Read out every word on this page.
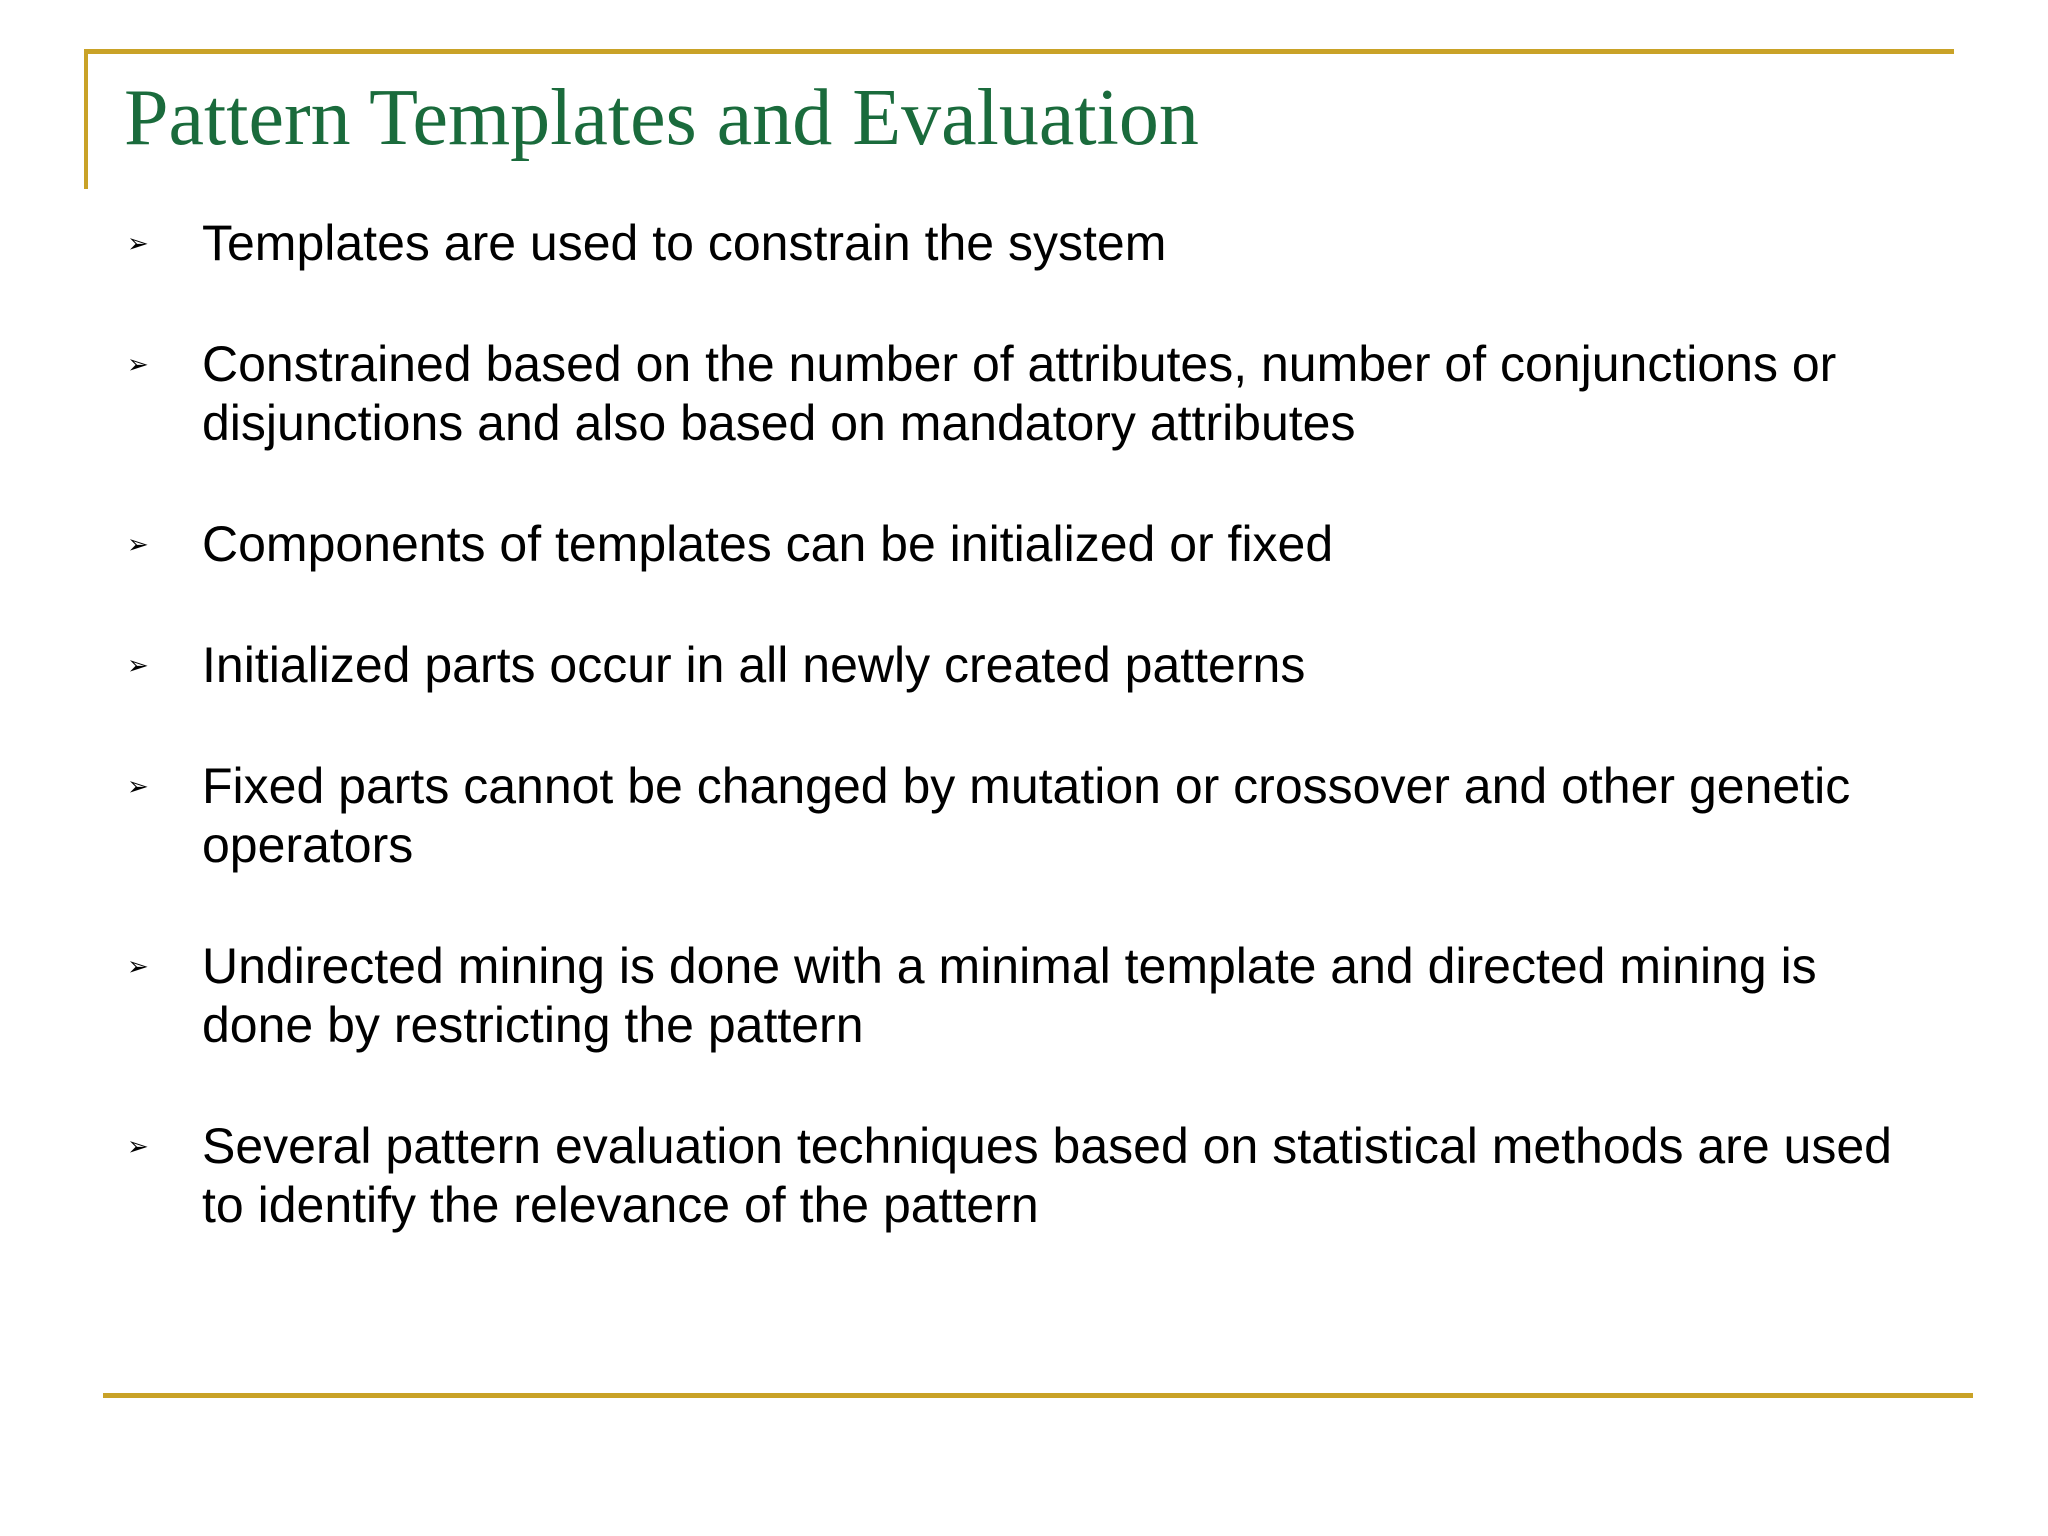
Pattern Templates and Evaluation
➢	Templates are used to constrain the system
➢	Constrained based on the number of attributes, number of conjunctions or disjunctions and also based on mandatory attributes
➢	Components of templates can be initialized or fixed
➢	Initialized parts occur in all newly created patterns
➢	Fixed parts cannot be changed by mutation or crossover and other genetic operators
➢	Undirected mining is done with a minimal template and directed mining is done by restricting the pattern
➢	Several pattern evaluation techniques based on statistical methods are used to identify the relevance of the pattern
